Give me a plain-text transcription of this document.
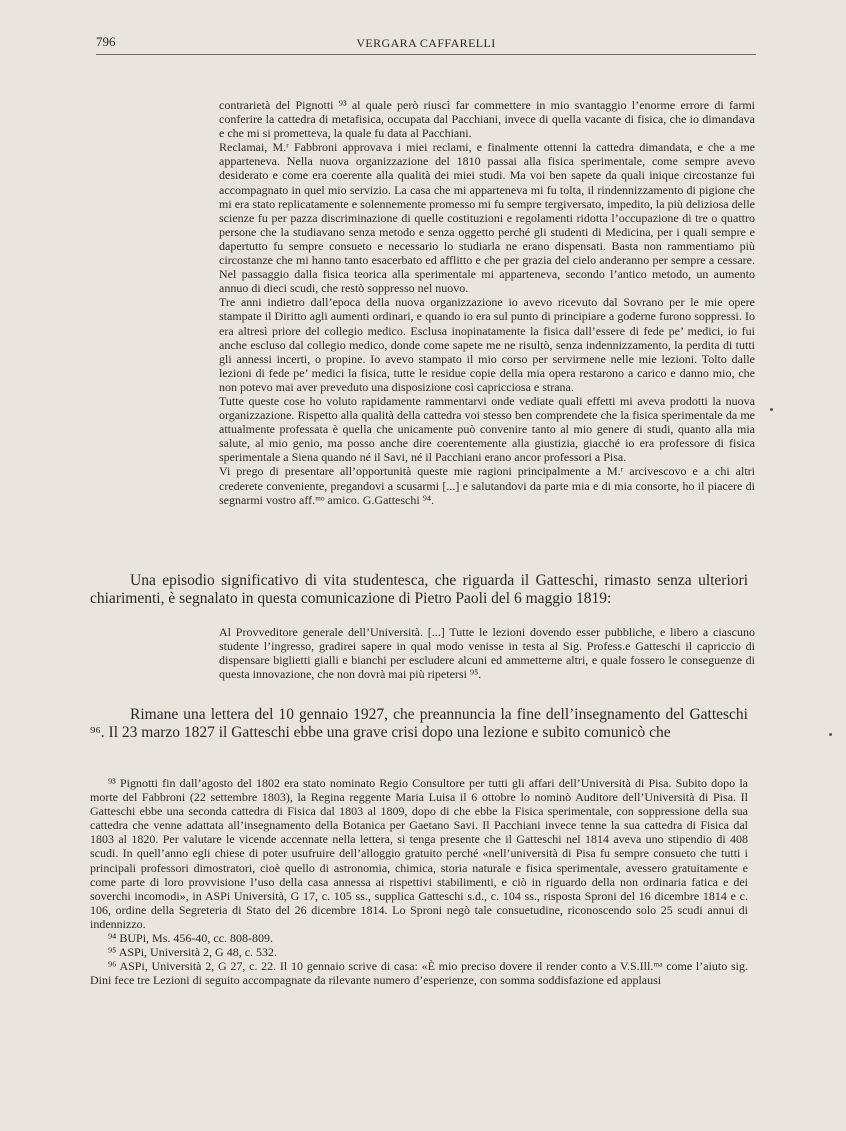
796	VERGARA CAFFARELLI

contrarietà del Pignotti ⁹³ al quale però riuscì far commettere in mio svantaggio l’enorme errore di farmi conferire la cattedra di metafisica, occupata dal Pacchiani, invece di quella vacante di fisica, che io dimandava e che mi si prometteva, la quale fu data al Pacchiani.

Reclamai, M.ʳ Fabbroni approvava i miei reclami, e finalmente ottenni la cattedra dimandata, e che a me apparteneva. Nella nuova organizzazione del 1810 passai alla fisica sperimentale, come sempre avevo desiderato e come era coerente alla qualità dei miei studi. Ma voi ben sapete da quali inique circostanze fui accompagnato in quel mio servizio. La casa che mi apparteneva mi fu tolta, il rindennizzamento di pigione che mi era stato replicatamente e solennemente promesso mi fu sempre tergiversato, impedito, la più deliziosa delle scienze fu per pazza discriminazione di quelle costituzioni e regolamenti ridotta l’occupazione di tre o quattro persone che la studiavano senza metodo e senza oggetto perché gli studenti di Medicina, per i quali sempre e dapertutto fu sempre consueto e necessario lo studiarla ne erano dispensati. Basta non rammentiamo più circostanze che mi hanno tanto esacerbato ed afflitto e che per grazia del cielo anderanno per sempre a cessare. Nel passaggio dalla fisica teorica alla sperimentale mi apparteneva, secondo l’antico metodo, un aumento annuo di dieci scudi, che restò soppresso nel nuovo.

Tre anni indietro dall’epoca della nuova organizzazione io avevo ricevuto dal Sovrano per le mie opere stampate il Diritto agli aumenti ordinari, e quando io era sul punto di principiare a goderne furono soppressi. Io era altresì priore del collegio medico. Esclusa inopinatamente la fisica dall’essere di fede pe’ medici, io fui anche escluso dal collegio medico, donde come sapete me ne risultò, senza indennizzamento, la perdita di tutti gli annessi incerti, o propine. Io avevo stampato il mio corso per servirmene nelle mie lezioni. Tolto dalle lezioni di fede pe’ medici la fisica, tutte le residue copie della mia opera restarono a carico e danno mio, che non potevo mai aver preveduto una disposizione così capricciosa e strana.

Tutte queste cose ho voluto rapidamente rammentarvi onde vediate quali effetti mi aveva prodotti la nuova organizzazione. Rispetto alla qualità della cattedra voi stesso ben comprendete che la fisica sperimentale da me attualmente professata è quella che unicamente può convenire tanto al mio genere di studi, quanto alla mia salute, al mio genio, ma posso anche dire coerentemente alla giustizia, giacché io era professore di fisica sperimentale a Siena quando né il Savi, né il Pacchiani erano ancor professori a Pisa.

Vi prego di presentare all’opportunità queste mie ragioni principalmente a M.ʳ arcivescovo e a chi altri crederete conveniente, pregandovi a scusarmi [...] e salutandovi da parte mia e di mia consorte, ho il piacere di segnarmi vostro aff.ᵐᵒ amico. G.Gatteschi ⁹⁴.

Una episodio significativo di vita studentesca, che riguarda il Gatteschi, rimasto senza ulteriori chiarimenti, è segnalato in questa comunicazione di Pietro Paoli del 6 maggio 1819:

Al Provveditore generale dell’Università. [...] Tutte le lezioni dovendo esser pubbliche, e libero a ciascuno studente l’ingresso, gradirei sapere in qual modo venisse in testa al Sig. Profess.e Gatteschi il capriccio di dispensare biglietti gialli e bianchi per escludere alcuni ed ammetterne altri, e quale fossero le conseguenze di questa innovazione, che non dovrà mai più ripetersi ⁹⁵.

Rimane una lettera del 10 gennaio 1927, che preannuncia la fine dell’insegnamento del Gatteschi ⁹⁶. Il 23 marzo 1827 il Gatteschi ebbe una grave crisi dopo una lezione e subito comunicò che

⁹³ Pignotti fin dall’agosto del 1802 era stato nominato Regio Consultore per tutti gli affari dell’Università di Pisa. Subito dopo la morte del Fabbroni (22 settembre 1803), la Regina reggente Maria Luisa il 6 ottobre lo nominò Auditore dell’Università di Pisa. Il Gatteschi ebbe una seconda cattedra di Fisica dal 1803 al 1809, dopo di che ebbe la Fisica sperimentale, con soppressione della sua cattedra che venne adattata all’insegnamento della Botanica per Gaetano Savi. Il Pacchiani invece tenne la sua cattedra di Fisica dal 1803 al 1820. Per valutare le vicende accennate nella lettera, si tenga presente che il Gatteschi nel 1814 aveva uno stipendio di 408 scudi. In quell’anno egli chiese di poter usufruire dell’alloggio gratuito perché «nell’università di Pisa fu sempre consueto che tutti i principali professori dimostratori, cioè quello di astronomia, chimica, storia naturale e fisica sperimentale, avessero gratuitamente e come parte di loro provvisione l’uso della casa annessa ai rispettivi stabilimenti, e ciò in riguardo della non ordinaria fatica e dei soverchi incomodi», in ASPi Università, G 17, c. 105 ss., supplica Gatteschi s.d., c. 104 ss., risposta Sproni del 16 dicembre 1814 e c. 106, ordine della Segreteria di Stato del 26 dicembre 1814. Lo Sproni negò tale consuetudine, riconoscendo solo 25 scudi annui di indennizzo.

⁹⁴ BUPi, Ms. 456-40, cc. 808-809.

⁹⁵ ASPi, Università 2, G 48, c. 532.

⁹⁶ ASPi, Università 2, G 27, c. 22. Il 10 gennaio scrive di casa: «È mio preciso dovere il render conto a V.S.Ill.ᵐᵃ come l’aiuto sig. Dini fece tre Lezioni di seguito accompagnate da rilevante numero d’esperienze, con somma soddisfazione ed applausi
